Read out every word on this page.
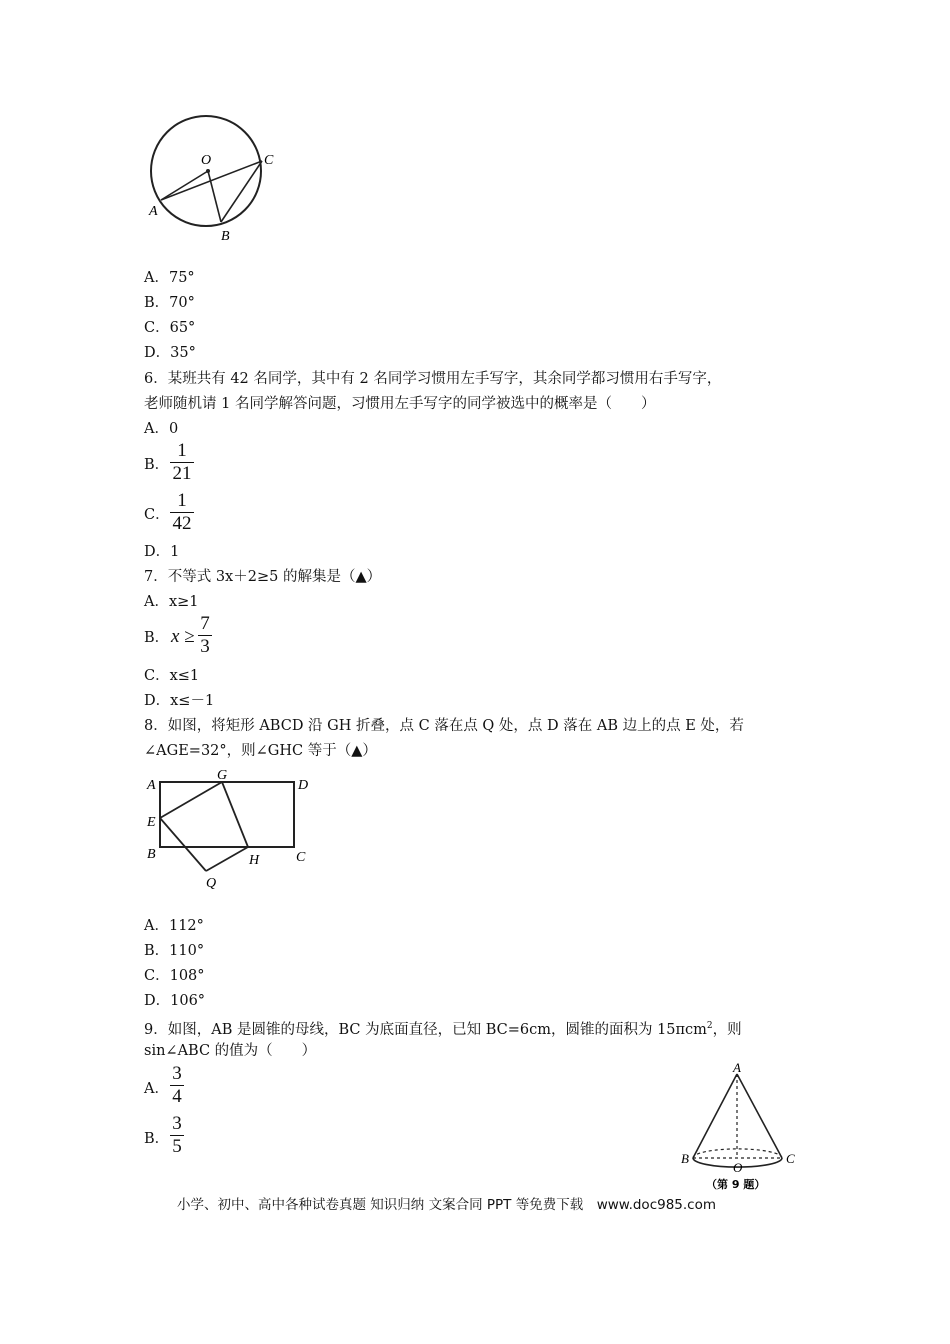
O
A
B
C
A．75°
B．70°
C．65°
D．35°
6．某班共有 42 名同学，其中有 2 名同学习惯用左手写字，其余同学都习惯用右手写字，
老师随机请 1 名同学解答问题，习惯用左手写字的同学被选中的概率是（　　）
A．0
B．
1
21
C．
1
42
D．1
7．不等式 3x＋2≥5 的解集是（▲）
A．x≥1
B． x ≥
7
3
C．x≤1
D．x≤－1
8．如图，将矩形 ABCD 沿 GH 折叠，点 C 落在点 Q 处，点 D 落在 AB 边上的点 E 处，若
∠AGE=32°，则∠GHC 等于（▲）
A
G
D
E
B	H	C
Q
A．112°
B．110°
C．108°
D．106°
9．如图，AB 是圆锥的母线，BC 为底面直径，已知 BC=6cm，圆锥的面积为 15πcm$^2$，则
sin∠ABC 的值为（　　）
A．
3
4
B．
3
5
A
B
O
C
（第 9 题）
小学、初中、高中各种试卷真题 知识归纳 文案合同 PPT 等免费下载　www.doc985.com
